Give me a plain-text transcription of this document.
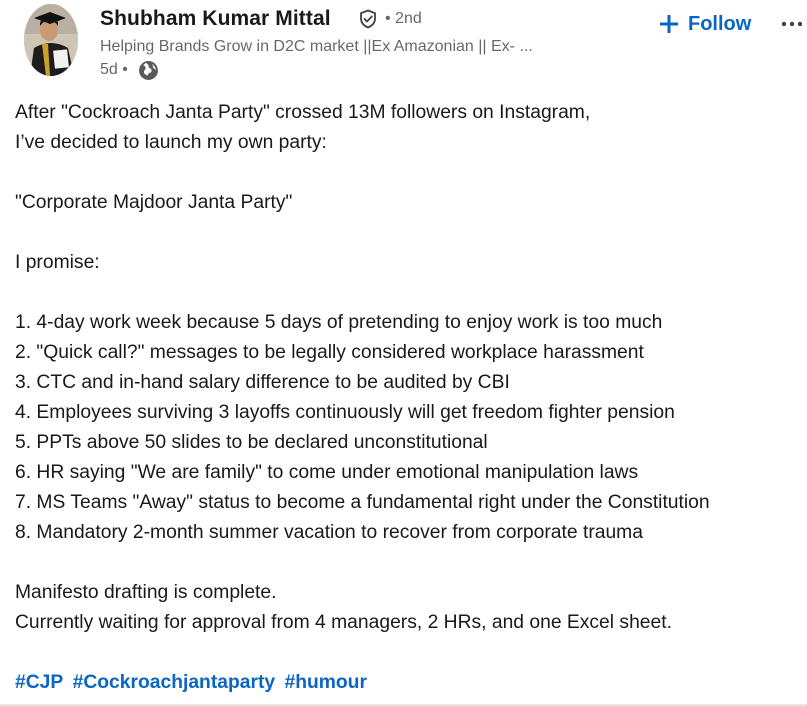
Shubham Kumar Mittal	• 2nd
Helping Brands Grow in D2C market ||Ex Amazonian || Ex- ...
5d •
Follow
After "Cockroach Janta Party" crossed 13M followers on Instagram,
I’ve decided to launch my own party:
"Corporate Majdoor Janta Party"
I promise:
1. 4-day work week because 5 days of pretending to enjoy work is too much
2. "Quick call?" messages to be legally considered workplace harassment
3. CTC and in-hand salary difference to be audited by CBI
4. Employees surviving 3 layoffs continuously will get freedom fighter pension
5. PPTs above 50 slides to be declared unconstitutional
6. HR saying "We are family" to come under emotional manipulation laws
7. MS Teams "Away" status to become a fundamental right under the Constitution
8. Mandatory 2-month summer vacation to recover from corporate trauma
Manifesto drafting is complete.
Currently waiting for approval from 4 managers, 2 HRs, and one Excel sheet.
#CJP #Cockroachjantaparty #humour
